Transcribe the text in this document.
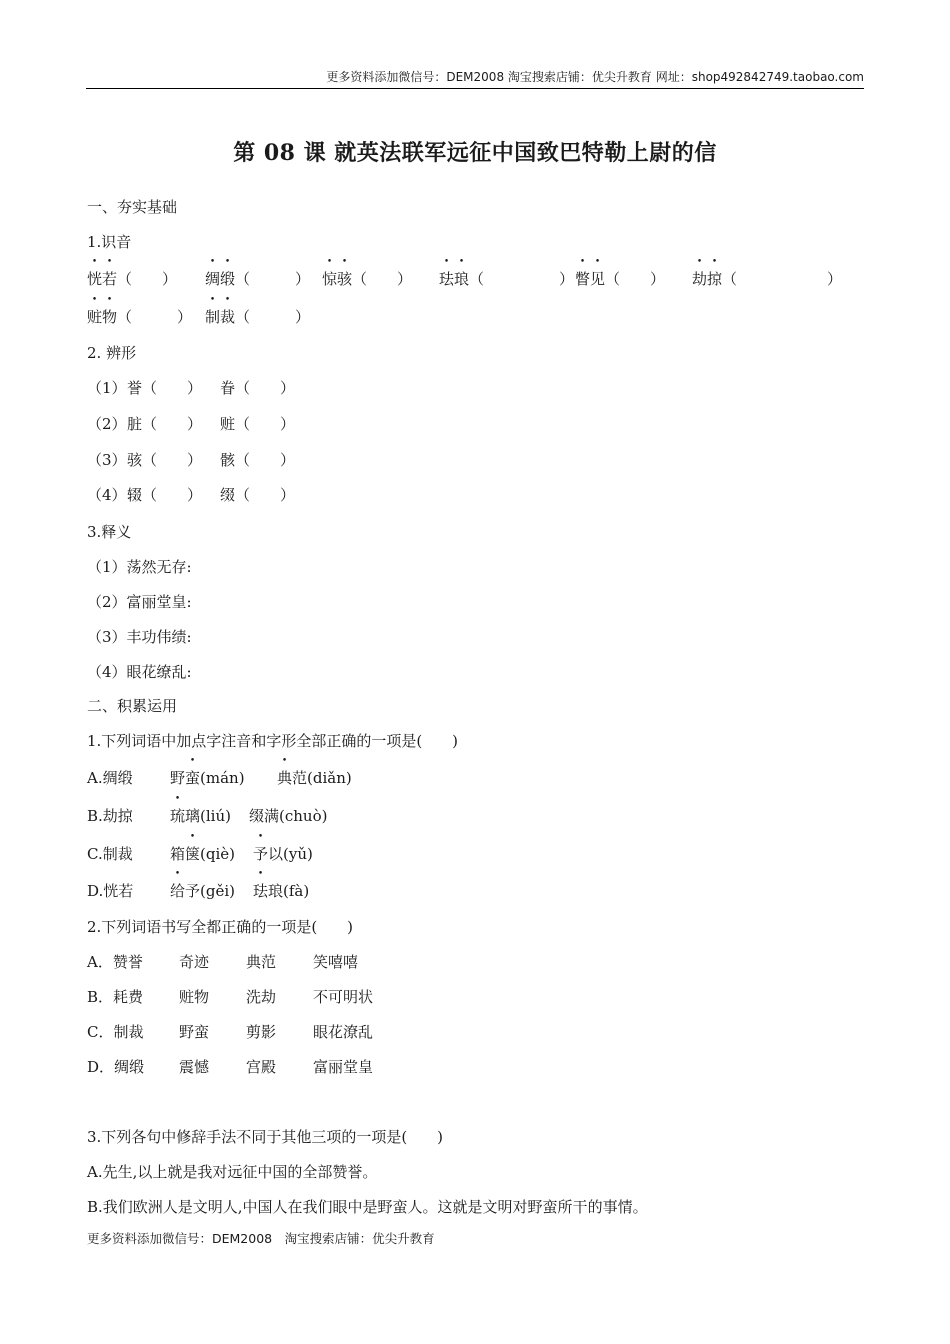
更多资料添加微信号：DEM2008 淘宝搜索店铺：优尖升教育 网址：shop492842749.taobao.com
第 08 课 就英法联军远征中国致巴特勒上尉的信
一、夯实基础
1.识音
恍若（　　） 绸缎（　　　） 惊骇（　　） 珐琅（　　　　　） 瞥见（　　） 劫掠（　　　　　　）
赃物（　　　） 制裁（　　　）
2. 辨形
（1） 誉（　　） 眷（　　）
（2） 脏（　　） 赃（　　）
（3） 骇（　　） 骸（　　）
（4） 辍（　　） 缀（　　）
3.释义
（1）荡然无存:
（2）富丽堂皇:
（3）丰功伟绩:
（4）眼花缭乱:
二、积累运用
1.下列词语中加点字注音和字形全部正确的一项是(　　)
A.绸缎 野蛮(mán) 典范(diǎn)
B.劫掠 琉璃(liú) 缀满(chuò)
C.制裁 箱箧(qiè) 予以(yǔ)
D.恍若 给予(gěi) 珐琅(fà)
2.下列词语书写全都正确的一项是(　　)
A．赞誉 奇迹 典范 笑嘻嘻
B．耗费 赃物 洗劫 不可明状
C．制裁 野蛮 剪影 眼花潦乱
D．绸缎 震憾 宫殿 富丽堂皇
3.下列各句中修辞手法不同于其他三项的一项是(　　)
A.先生,以上就是我对远征中国的全部赞誉。
B.我们欧洲人是文明人,中国人在我们眼中是野蛮人。这就是文明对野蛮所干的事情。
更多资料添加微信号：DEM2008　淘宝搜索店铺：优尖升教育
